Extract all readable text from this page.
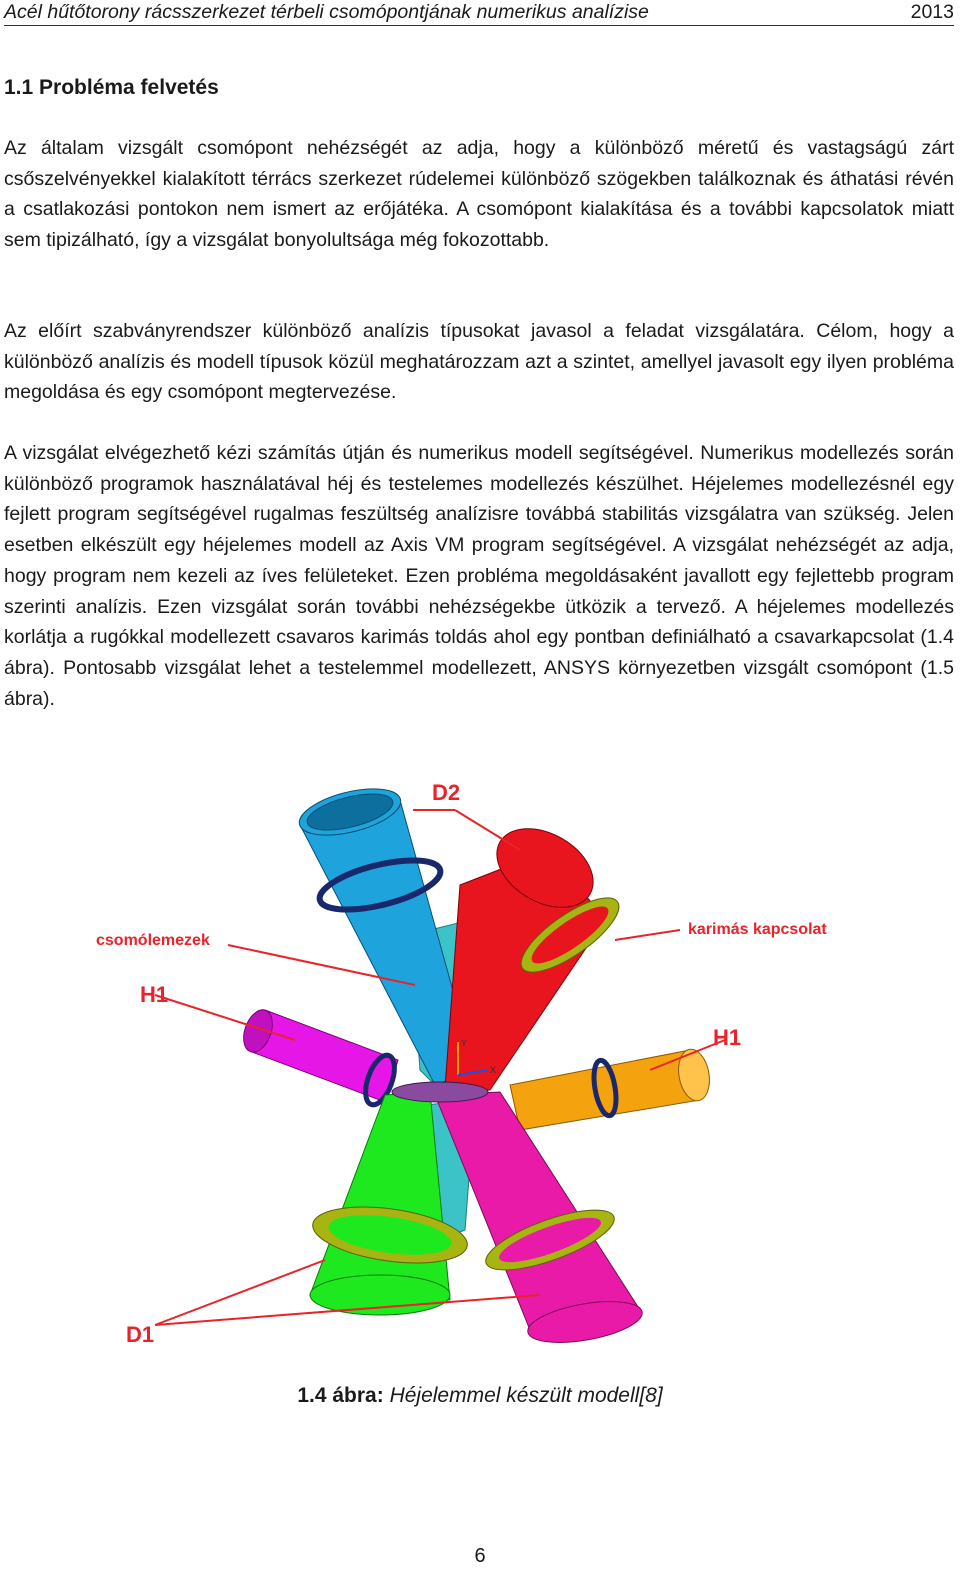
Acél hűtőtorony rácsszerkezet térbeli csomópontjának numerikus analízise	2013
1.1 Probléma felvetés

Az általam vizsgált csomópont nehézségét az adja, hogy a különböző méretű és vastagságú zárt csőszelvényekkel kialakított térrács szerkezet rúdelemei különböző szögekben találkoznak és áthatási révén a csatlakozási pontokon nem ismert az erőjátéka. A csomópont kialakítása és a további kapcsolatok miatt sem tipizálható, így a vizsgálat bonyolultsága még fokozottabb.

Az előírt szabványrendszer különböző analízis típusokat javasol a feladat vizsgálatára. Célom, hogy a különböző analízis és modell típusok közül meghatározzam azt a szintet, amellyel javasolt egy ilyen probléma megoldása és egy csomópont megtervezése.

A vizsgálat elvégezhető kézi számítás útján és numerikus modell segítségével. Numerikus modellezés során különböző programok használatával héj és testelemes modellezés készülhet. Héjelemes modellezésnél egy fejlett program segítségével rugalmas feszültség analízisre továbbá stabilitás vizsgálatra van szükség. Jelen esetben elkészült egy héjelemes modell az Axis VM program segítségével. A vizsgálat nehézségét az adja, hogy program nem kezeli az íves felületeket. Ezen probléma megoldásaként javallott egy fejlettebb program szerinti analízis. Ezen vizsgálat során további nehézségekbe ütközik a tervező. A héjelemes modellezés korlátja a rugókkal modellezett csavaros karimás toldás ahol egy pontban definiálható a csavarkapcsolat (1.4 ábra). Pontosabb vizsgálat lehet a testelemmel modellezett, ANSYS környezetben vizsgált csomópont (1.5 ábra).

Y
X
D2
csomólemezek
karimás kapcsolat
H1
H1
D1
1.4 ábra: Héjelemmel készült modell[8]
6
